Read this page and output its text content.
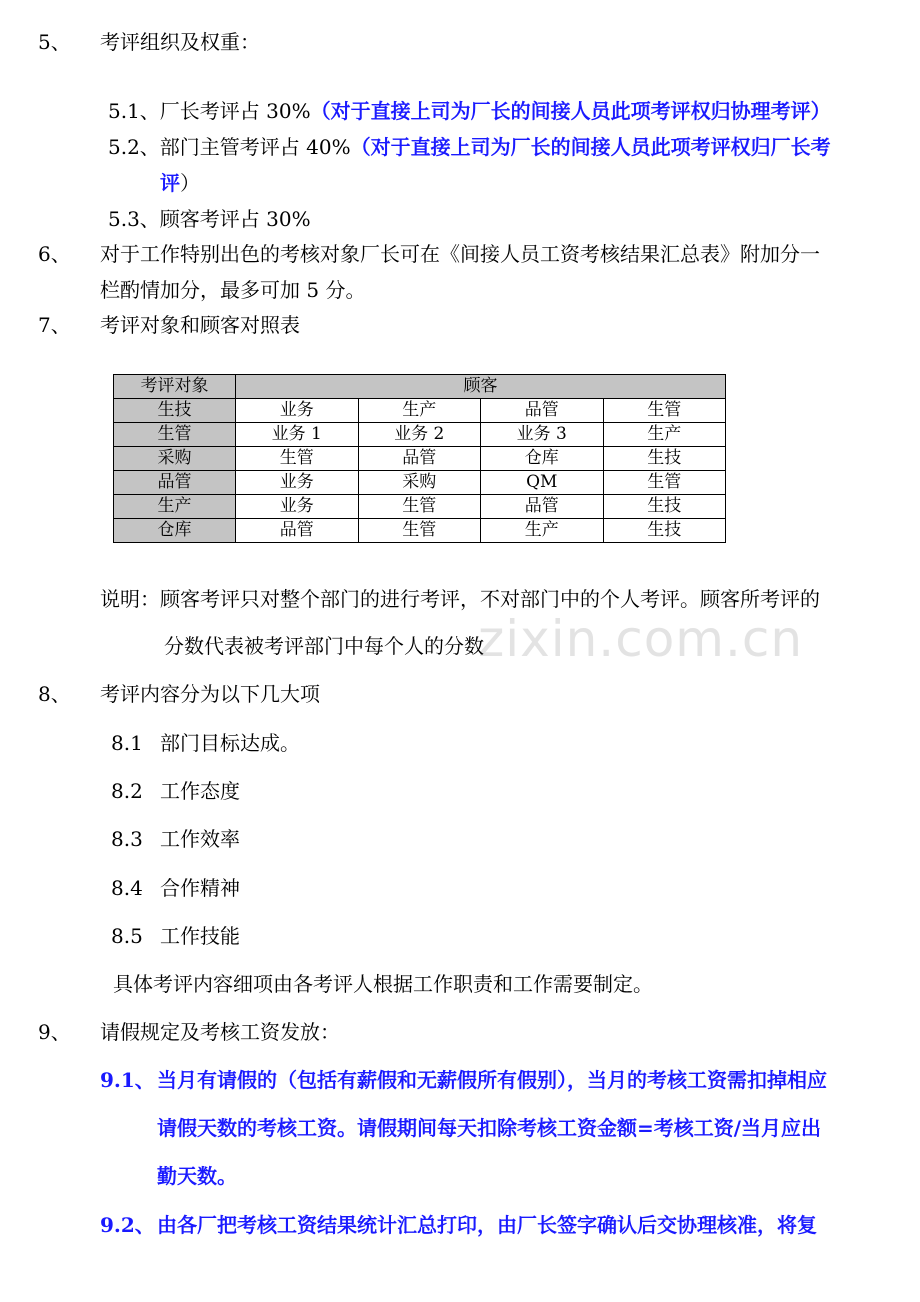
zixin.com.cn
5、 考评组织及权重：
5.1、厂长考评占 30%（对于直接上司为厂长的间接人员此项考评权归协理考评）
5.2、部门主管考评占 40%（对于直接上司为厂长的间接人员此项考评权归厂长考
评）
5.3、顾客考评占 30%
6、 对于工作特别出色的考核对象厂长可在《间接人员工资考核结果汇总表》附加分一
栏酌情加分，最多可加 5 分。
7、 考评对象和顾客对照表
考评对象	顾客			
生技	业务	生产	品管	生管
生管	业务 1	业务 2	业务 3	生产
采购	生管	品管	仓库	生技
品管	业务	采购	QM	生管
生产	业务	生管	品管	生技
仓库	品管	生管	生产	生技
说明：顾客考评只对整个部门的进行考评，不对部门中的个人考评。顾客所考评的
分数代表被考评部门中每个人的分数
8、 考评内容分为以下几大项
8.1 部门目标达成。
8.2 工作态度
8.3 工作效率
8.4 合作精神
8.5 工作技能
具体考评内容细项由各考评人根据工作职责和工作需要制定。
9、 请假规定及考核工资发放：
9.1、 当月有请假的（包括有薪假和无薪假所有假别），当月的考核工资需扣掉相应
请假天数的考核工资。请假期间每天扣除考核工资金额=考核工资/当月应出
勤天数。
9.2、 由各厂把考核工资结果统计汇总打印，由厂长签字确认后交协理核准，将复
